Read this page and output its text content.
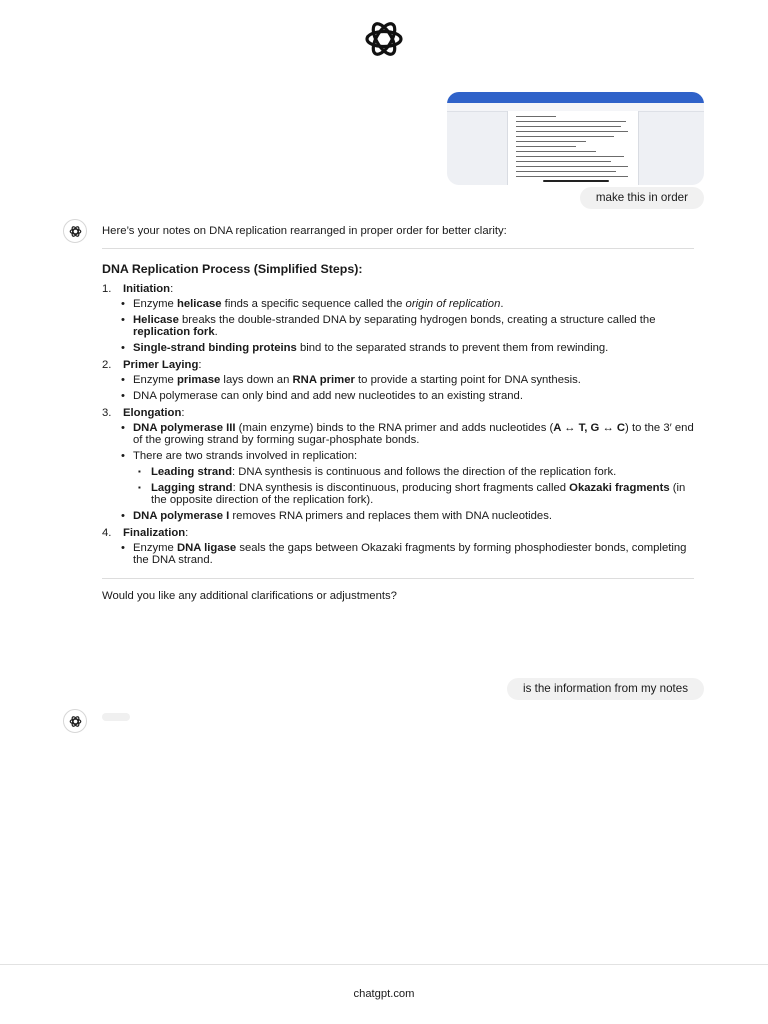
make this in order

Here’s your notes on DNA replication rearranged in proper order for better clarity:

DNA Replication Process (Simplified Steps):
1.	Initiation:
• Enzyme helicase finds a specific sequence called the origin of replication.
• Helicase breaks the double-stranded DNA by separating hydrogen bonds, creating a structure called the replication fork.
• Single-strand binding proteins bind to the separated strands to prevent them from rewinding.
2.	Primer Laying:
• Enzyme primase lays down an RNA primer to provide a starting point for DNA synthesis.
• DNA polymerase can only bind and add new nucleotides to an existing strand.
3.	Elongation:
• DNA polymerase III (main enzyme) binds to the RNA primer and adds nucleotides (A ↔ T, G ↔ C) to the 3′ end of the growing strand by forming sugar-phosphate bonds.
• There are two strands involved in replication:
▪ Leading strand: DNA synthesis is continuous and follows the direction of the replication fork.
▪ Lagging strand: DNA synthesis is discontinuous, producing short fragments called Okazaki fragments (in the opposite direction of the replication fork).
• DNA polymerase I removes RNA primers and replaces them with DNA nucleotides.
4.	Finalization:
• Enzyme DNA ligase seals the gaps between Okazaki fragments by forming phosphodiester bonds, completing the DNA strand.

Would you like any additional clarifications or adjustments?

is the information from my notes
chatgpt.com
